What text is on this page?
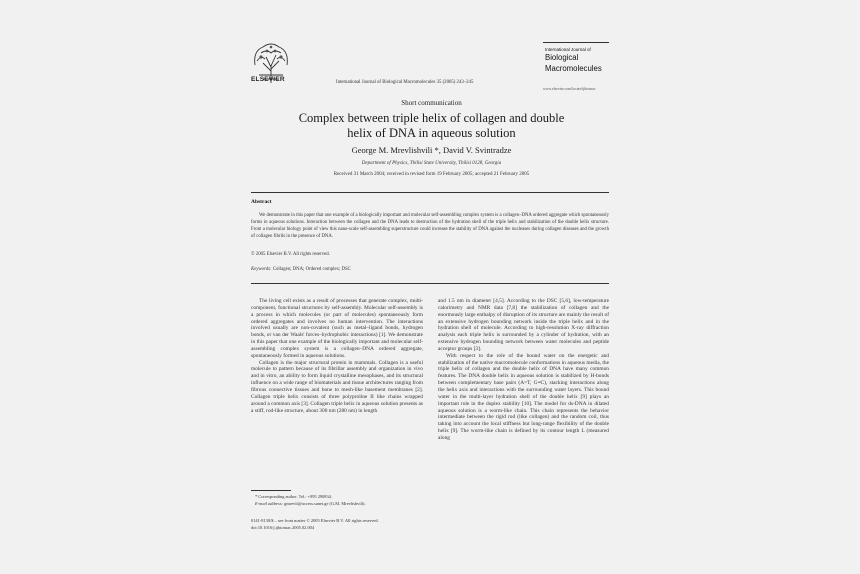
ELSEVIER	International Journal of Biological Macromolecules 35 (2005) 243–245
International Journal of
Biological
Macromolecules
www.elsevier.com/locate/ijbiomac
Short communication
Complex between triple helix of collagen and double
helix of DNA in aqueous solution
George M. Mrevlishvili *, David V. Svintradze
Department of Physics, Tbilisi State University, Tbilisi 0128, Georgia
Received 31 March 2004; received in revised form 19 February 2005; accepted 21 February 2005
Abstract
We demonstrate in this paper that one example of a biologically important and molecular self-assembling complex system is a collagen–DNA ordered aggregate which spontaneously forms in aqueous solutions. Interaction between the collagen and the DNA leads to destruction of the hydration shell of the triple helix and stabilization of the double helix structure. From a molecular biology point of view this nano-scale self-assembling superstructure could increase the stability of DNA against the nucleases during collagen diseases and the growth of collagen fibrils in the presence of DNA.
© 2005 Elsevier B.V. All rights reserved.
Keywords: Collagen; DNA; Ordered complex; DSC

The living cell exists as a result of processes that generate complex, multi-component, functional structures by self-assembly. Molecular self-assembly is a process in which molecules (or part of molecules) spontaneously form ordered aggregates and involves no human intervention. The interactions involved usually are non-covalent (such as metal–ligand bonds, hydrogen bonds, or van der Waals' forces–hydrophobic interactions) [1]. We demonstrate in this paper that one example of the biologically important and molecular self-assembling complex system is a collagen–DNA ordered aggregate, spontaneously formed in aqueous solutions.

Collagen is the major structural protein in mammals. Collagen is a useful molecule to pattern because of its fibrillar assembly and organization in vivo and in vitro, an ability to form liquid crystalline mesophases, and its structural influence on a wide range of biomaterials and tissue architectures ranging from fibrous connective tissues and bone to mesh-like basement membranes [2]. Collagen triple helix consists of three polyproline II like chains wrapped around a common axis [3]. Collagen triple helix in aqueous solution presents as a stiff, rod-like structure, about 300 nm (280 nm) in length

and 1.5 nm in diameter [4,5]. According to the DSC [5,6], low-temperature calorimetry and NMR data [7,8] the stabilization of collagen and the enormously large enthalpy of disruption of its structure are mainly the result of an extensive hydrogen bounding network inside the triple helix and in the hydration shell of molecule. According to high-resolution X-ray diffraction analysis each triple helix is surrounded by a cylinder of hydration, with an extensive hydrogen bounding network between water molecules and peptide acceptor groups [3].

With respect to the role of the bound water on the energetic and stabilization of the native macromolecule conformations in aqueous media, the triple helix of collagen and the double helix of DNA have many common features. The DNA double helix in aqueous solution is stabilized by H-bonds between complementary base pairs (A=T, G≡C), stacking interactions along the helix axis and interactions with the surrounding water layers. This bound water in the multi-layer hydration shell of the double helix [9] plays an important role in the duplex stability [10]. The model for ds-DNA in dilated aqueous solution is a worm-like chain. This chain represents the behavior intermediate between the rigid rod (like collagen) and the random coil, thus taking into account the local stiffness but long-range flexibility of the double helix [9]. The worm-like chain is defined by its contour length L (measured along

* Corresponding author. Tel.: +995 290834.
E-mail address: gmrevli@access.sanet.ge (G.M. Mrevlishvili).
0141-8130/$ – see front matter © 2005 Elsevier B.V. All rights reserved.
doi:10.1016/j.ijbiomac.2005.02.004
